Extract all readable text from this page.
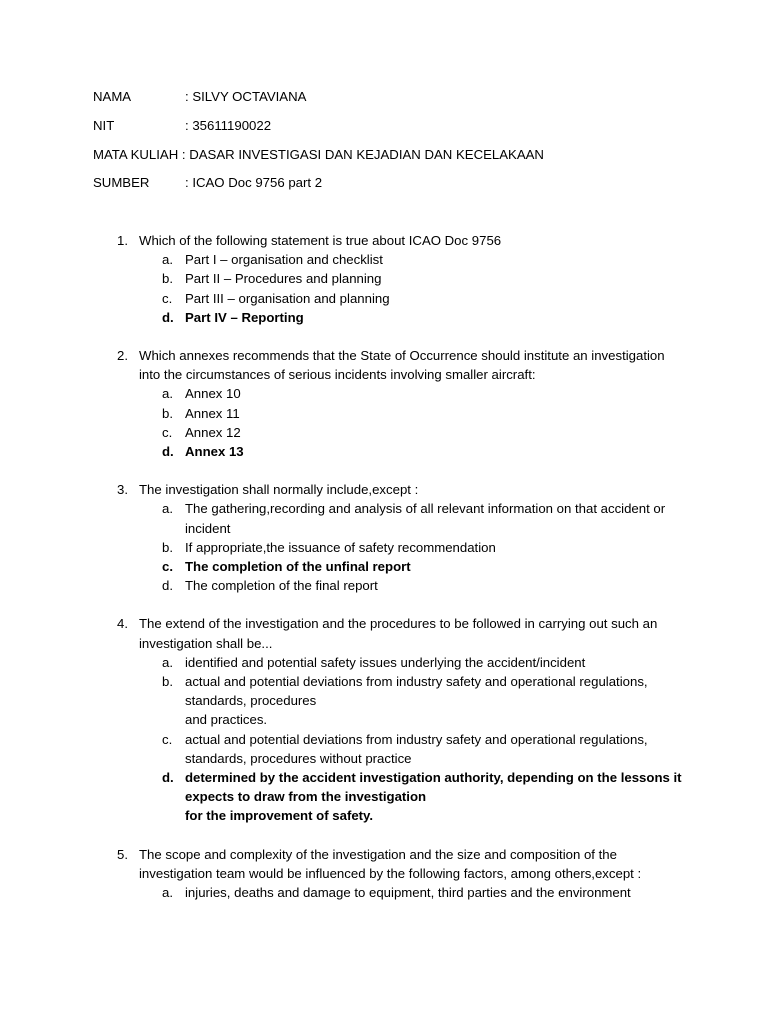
NAMA	: SILVY OCTAVIANA
NIT	: 35611190022
MATA KULIAH : DASAR INVESTIGASI DAN KEJADIAN DAN KECELAKAAN
SUMBER	: ICAO Doc 9756 part 2
1. Which of the following statement is true about ICAO Doc 9756
a. Part I – organisation and checklist
b. Part II – Procedures and planning
c. Part III – organisation and planning
d. Part IV – Reporting
2. Which annexes recommends that the State of Occurrence should institute an investigation into the circumstances of serious incidents involving smaller aircraft:
a. Annex 10
b. Annex 11
c. Annex 12
d. Annex 13
3. The investigation shall normally include,except :
a. The gathering,recording and analysis of all relevant information on that accident or incident
b. If appropriate,the issuance of safety recommendation
c. The completion of the unfinal report
d. The completion of the final report
4. The extend of the investigation and the procedures to be followed in carrying out such an investigation shall be...
a. identified and potential safety issues underlying the accident/incident
b. actual and potential deviations from industry safety and operational regulations, standards, procedures
and practices.
c. actual and potential deviations from industry safety and operational regulations, standards, procedures without practice
d. determined by the accident investigation authority, depending on the lessons it expects to draw from the investigation
for the improvement of safety.
5. The scope and complexity of the investigation and the size and composition of the investigation team would be influenced by the following factors, among others,except :
a. injuries, deaths and damage to equipment, third parties and the environment
